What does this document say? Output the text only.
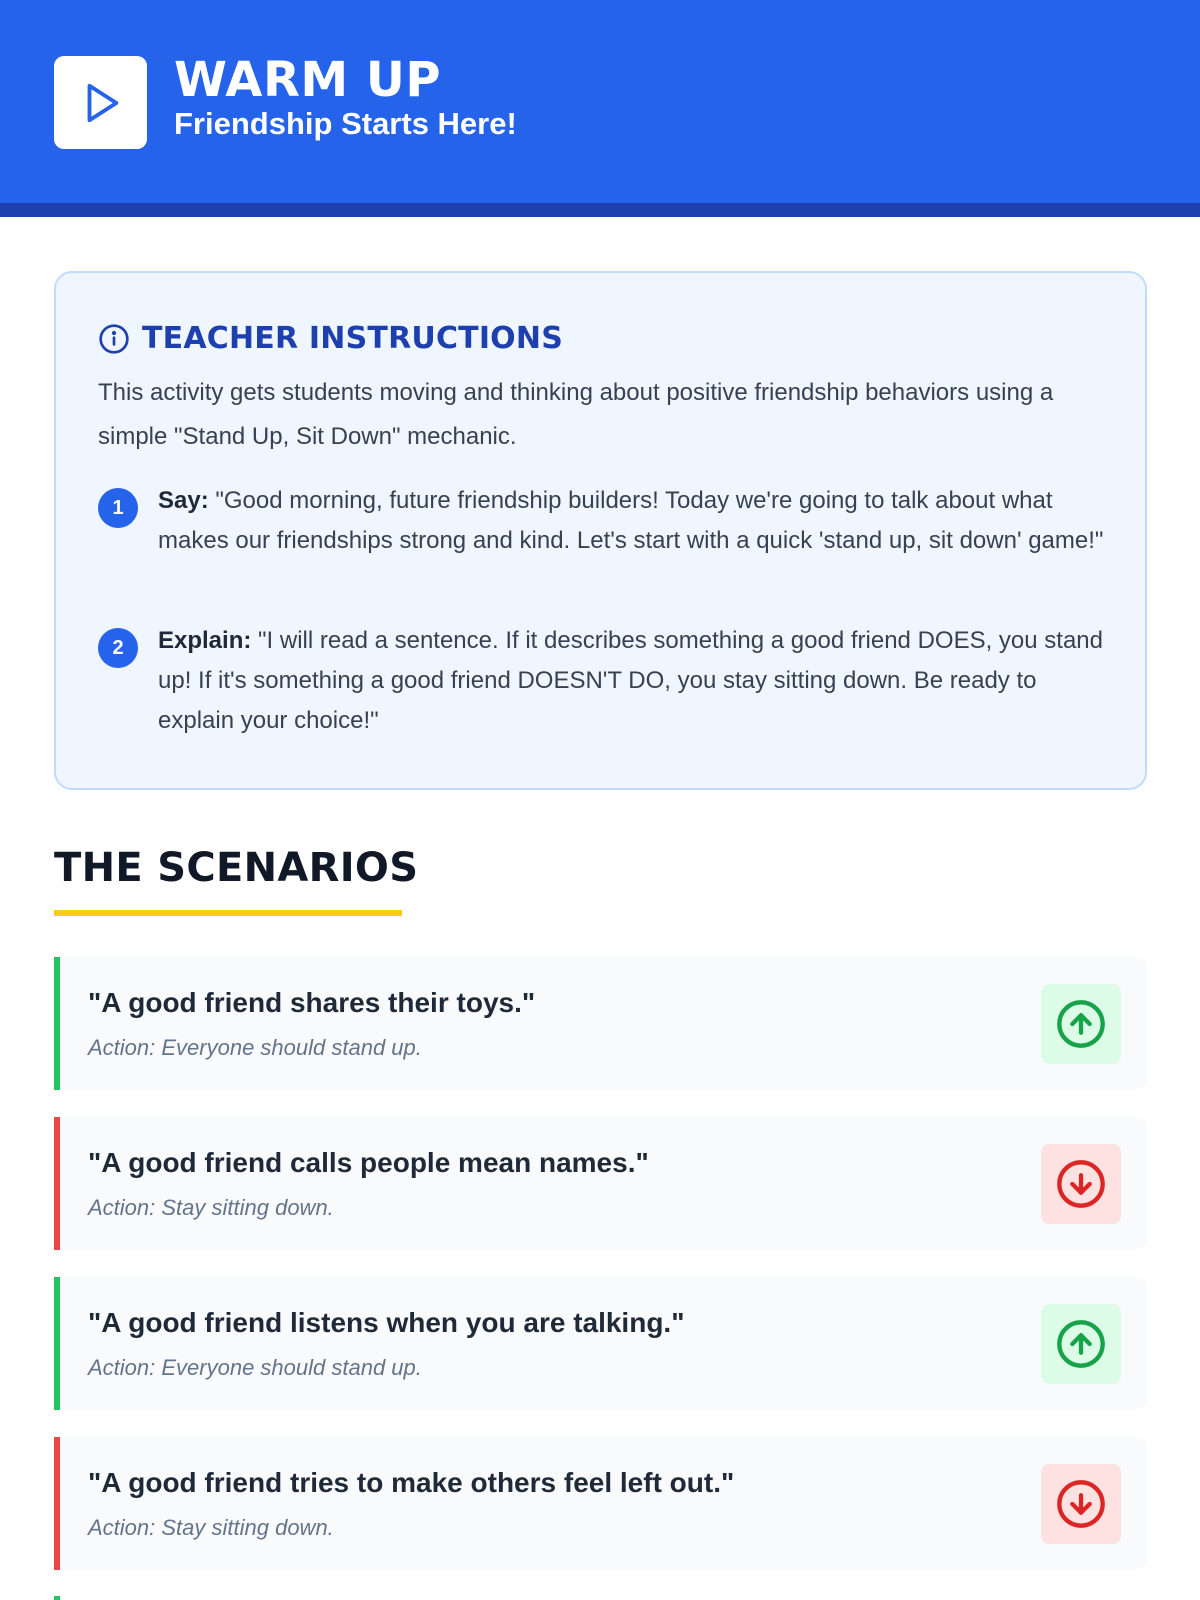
WARM UP
Friendship Starts Here!
TEACHER INSTRUCTIONS
This activity gets students moving and thinking about positive friendship behaviors using a simple "Stand Up, Sit Down" mechanic.
1	Say: "Good morning, future friendship builders! Today we're going to talk about what makes our friendships strong and kind. Let's start with a quick 'stand up, sit down' game!"
2	Explain: "I will read a sentence. If it describes something a good friend DOES, you stand up! If it's something a good friend DOESN'T DO, you stay sitting down. Be ready to explain your choice!"
THE SCENARIOS
"A good friend shares their toys."
Action: Everyone should stand up.
"A good friend calls people mean names."
Action: Stay sitting down.
"A good friend listens when you are talking."
Action: Everyone should stand up.
"A good friend tries to make others feel left out."
Action: Stay sitting down.
